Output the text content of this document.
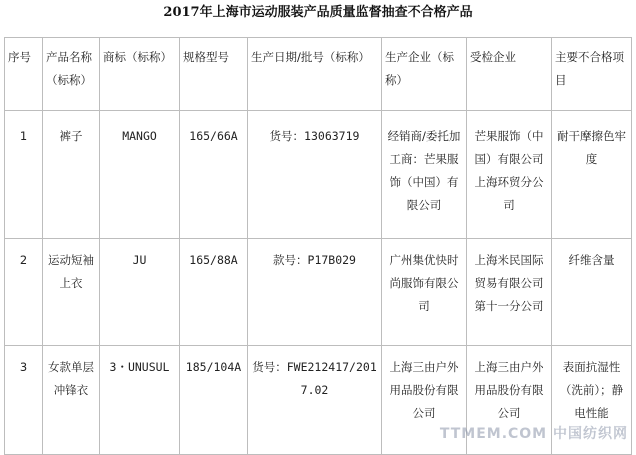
2017年上海市运动服装产品质量监督抽查不合格产品
序号	产品名称（标称）	商标（标称）	规格型号	生产日期/批号（标称）	生产企业（标称）	受检企业	主要不合格项目
1	裤子	MANGO	165/66A	货号：13063719	经销商/委托加工商：芒果服饰（中国）有限公司	芒果服饰（中国）有限公司上海环贸分公司	耐干摩擦色牢度
2	运动短袖上衣	JU	165/88A	款号：P17B029	广州集优快时尚服饰有限公司	上海米民国际贸易有限公司第十一分公司	纤维含量
3	女款单层冲锋衣	3・UNUSUL	185/104A	货号：FWE212417/2017.02	上海三由户外用品股份有限公司	上海三由户外用品股份有限公司	表面抗湿性（洗前）；静电性能
TTMEM.COM 中国纺织网
